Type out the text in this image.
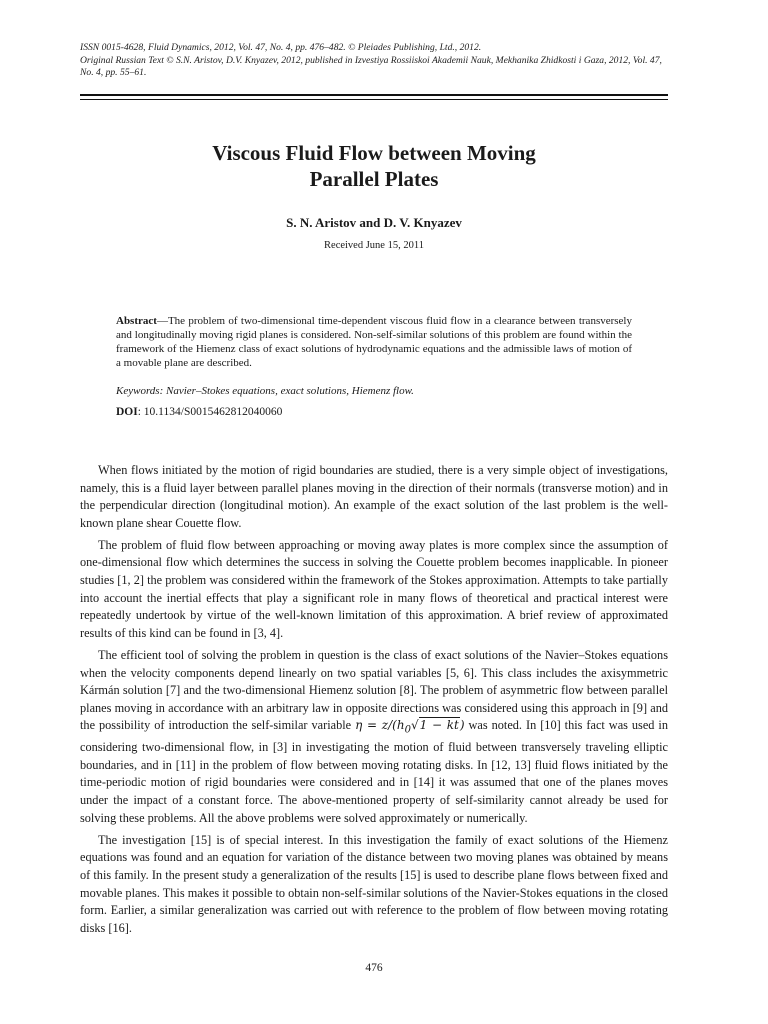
ISSN 0015-4628, Fluid Dynamics, 2012, Vol. 47, No. 4, pp. 476–482. © Pleiades Publishing, Ltd., 2012.
Original Russian Text © S.N. Aristov, D.V. Knyazev, 2012, published in Izvestiya Rossiiskoi Akademii Nauk, Mekhanika Zhidkosti i Gaza, 2012, Vol. 47, No. 4, pp. 55–61.
Viscous Fluid Flow between Moving
Parallel Plates
S. N. Aristov and D. V. Knyazev
Received June 15, 2011
Abstract—The problem of two-dimensional time-dependent viscous fluid flow in a clearance between transversely and longitudinally moving rigid planes is considered. Non-self-similar solutions of this problem are found within the framework of the Hiemenz class of exact solutions of hydrodynamic equations and the admissible laws of motion of a movable plane are described.
Keywords: Navier–Stokes equations, exact solutions, Hiemenz flow.
DOI: 10.1134/S0015462812040060

When flows initiated by the motion of rigid boundaries are studied, there is a very simple object of investigations, namely, this is a fluid layer between parallel planes moving in the direction of their normals (transverse motion) and in the perpendicular direction (longitudinal motion). An example of the exact solution of the last problem is the well-known plane shear Couette flow.

The problem of fluid flow between approaching or moving away plates is more complex since the assumption of one-dimensional flow which determines the success in solving the Couette problem becomes inapplicable. In pioneer studies [1, 2] the problem was considered within the framework of the Stokes approximation. Attempts to take partially into account the inertial effects that play a significant role in many flows of theoretical and practical interest were repeatedly undertook by virtue of the well-known limitation of this approximation. A brief review of approximated results of this kind can be found in [3, 4].

The efficient tool of solving the problem in question is the class of exact solutions of the Navier–Stokes equations when the velocity components depend linearly on two spatial variables [5, 6]. This class includes the axisymmetric Kármán solution [7] and the two-dimensional Hiemenz solution [8]. The problem of asymmetric flow between parallel planes moving in accordance with an arbitrary law in opposite directions was considered using this approach in [9] and the possibility of introduction the self-similar variable $\eta = z/(h_0√1 - kt)$ was noted. In [10] this fact was used in considering two-dimensional flow, in [3] in investigating the motion of fluid between transversely traveling elliptic boundaries, and in [11] in the problem of flow between moving rotating disks. In [12, 13] fluid flows initiated by the time-periodic motion of rigid boundaries were considered and in [14] it was assumed that one of the planes moves under the impact of a constant force. The above-mentioned property of self-similarity cannot already be used for solving these problems. All the above problems were solved approximately or numerically.

The investigation [15] is of special interest. In this investigation the family of exact solutions of the Hiemenz equations was found and an equation for variation of the distance between two moving planes was obtained by means of this family. In the present study a generalization of the results [15] is used to describe plane flows between fixed and movable planes. This makes it possible to obtain non-self-similar solutions of the Navier-Stokes equations in the closed form. Earlier, a similar generalization was carried out with reference to the problem of flow between moving rotating disks [16].

476
